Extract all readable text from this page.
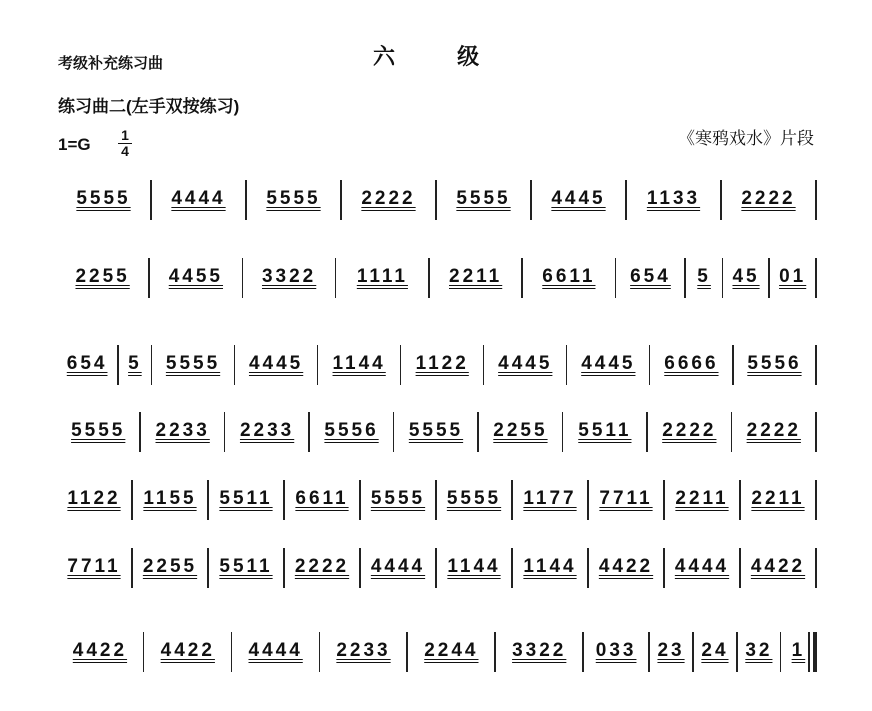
考级补充练习曲	六 级
练习曲二(左手双按练习)
1=G 1
4
《寒鸦戏水》片段
5555	4444	5555	2222	5555	4445	1133	2222
2255	4455	3322	1111	2211	6611	654	5	45	01
654	5	5555	4445	1144	1122	4445	4445	6666	5556
5555	2233	2233	5556	5555	2255	5511	2222	2222
1122	1155	5511	6611	5555	5555	1177	7711	2211	2211
7711	2255	5511	2222	4444	1144	1144	4422	4444	4422
4422	4422	4444	2233	2244	3322	033	23 24 32	1
